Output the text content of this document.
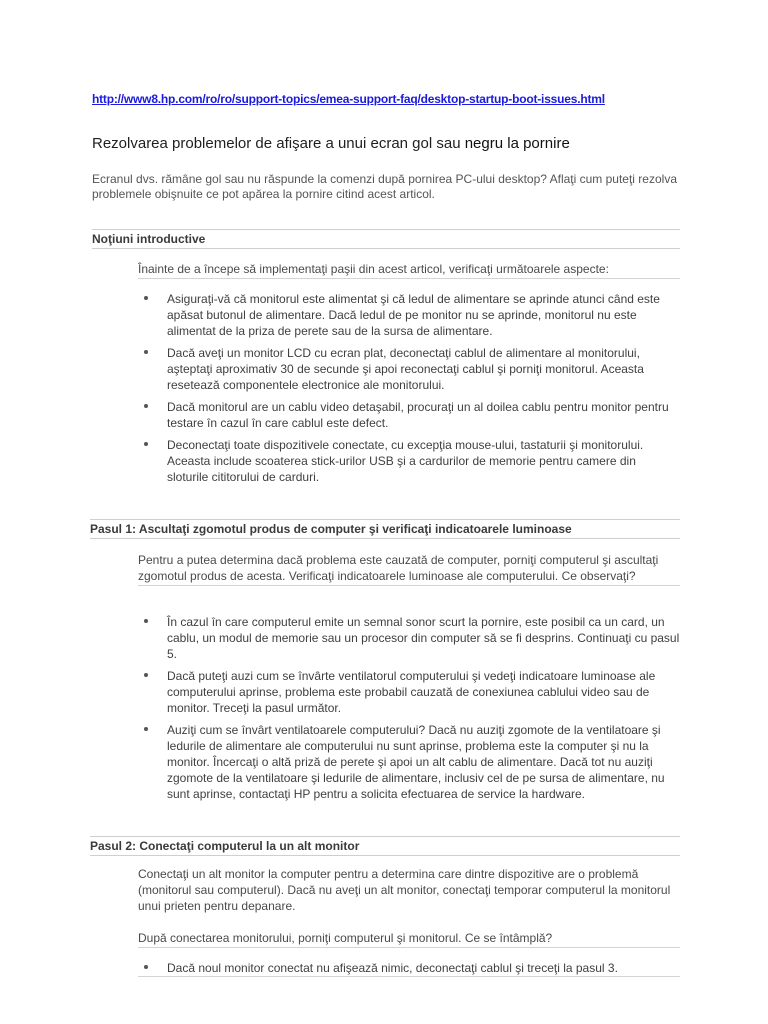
http://www8.hp.com/ro/ro/support-topics/emea-support-faq/desktop-startup-boot-issues.html
Rezolvarea problemelor de afişare a unui ecran gol sau negru la pornire
Ecranul dvs. rămâne gol sau nu răspunde la comenzi după pornirea PC-ului desktop? Aflaţi cum puteţi rezolva problemele obişnuite ce pot apărea la pornire citind acest articol.
Noţiuni introductive
Înainte de a începe să implementaţi paşii din acest articol, verificaţi următoarele aspecte:
Asiguraţi-vă că monitorul este alimentat şi că ledul de alimentare se aprinde atunci când este apăsat butonul de alimentare. Dacă ledul de pe monitor nu se aprinde, monitorul nu este alimentat de la priza de perete sau de la sursa de alimentare.
Dacă aveţi un monitor LCD cu ecran plat, deconectaţi cablul de alimentare al monitorului, aşteptaţi aproximativ 30 de secunde şi apoi reconectaţi cablul şi porniţi monitorul. Aceasta resetează componentele electronice ale monitorului.
Dacă monitorul are un cablu video detaşabil, procuraţi un al doilea cablu pentru monitor pentru testare în cazul în care cablul este defect.
Deconectaţi toate dispozitivele conectate, cu excepţia mouse-ului, tastaturii şi monitorului. Aceasta include scoaterea stick-urilor USB şi a cardurilor de memorie pentru camere din sloturile cititorului de carduri.
Pasul 1: Ascultaţi zgomotul produs de computer şi verificaţi indicatoarele luminoase
Pentru a putea determina dacă problema este cauzată de computer, porniţi computerul şi ascultaţi zgomotul produs de acesta. Verificaţi indicatoarele luminoase ale computerului. Ce observaţi?
În cazul în care computerul emite un semnal sonor scurt la pornire, este posibil ca un card, un cablu, un modul de memorie sau un procesor din computer să se fi desprins. Continuaţi cu pasul 5.
Dacă puteţi auzi cum se învârte ventilatorul computerului şi vedeţi indicatoare luminoase ale computerului aprinse, problema este probabil cauzată de conexiunea cablului video sau de monitor. Treceţi la pasul următor.
Auziţi cum se învârt ventilatoarele computerului? Dacă nu auziţi zgomote de la ventilatoare şi ledurile de alimentare ale computerului nu sunt aprinse, problema este la computer şi nu la monitor. Încercaţi o altă priză de perete şi apoi un alt cablu de alimentare. Dacă tot nu auziţi zgomote de la ventilatoare şi ledurile de alimentare, inclusiv cel de pe sursa de alimentare, nu sunt aprinse, contactaţi HP pentru a solicita efectuarea de service la hardware.
Pasul 2: Conectaţi computerul la un alt monitor
Conectaţi un alt monitor la computer pentru a determina care dintre dispozitive are o problemă (monitorul sau computerul). Dacă nu aveţi un alt monitor, conectaţi temporar computerul la monitorul unui prieten pentru depanare.
După conectarea monitorului, porniţi computerul şi monitorul. Ce se întâmplă?
Dacă noul monitor conectat nu afişează nimic, deconectaţi cablul şi treceţi la pasul 3.
